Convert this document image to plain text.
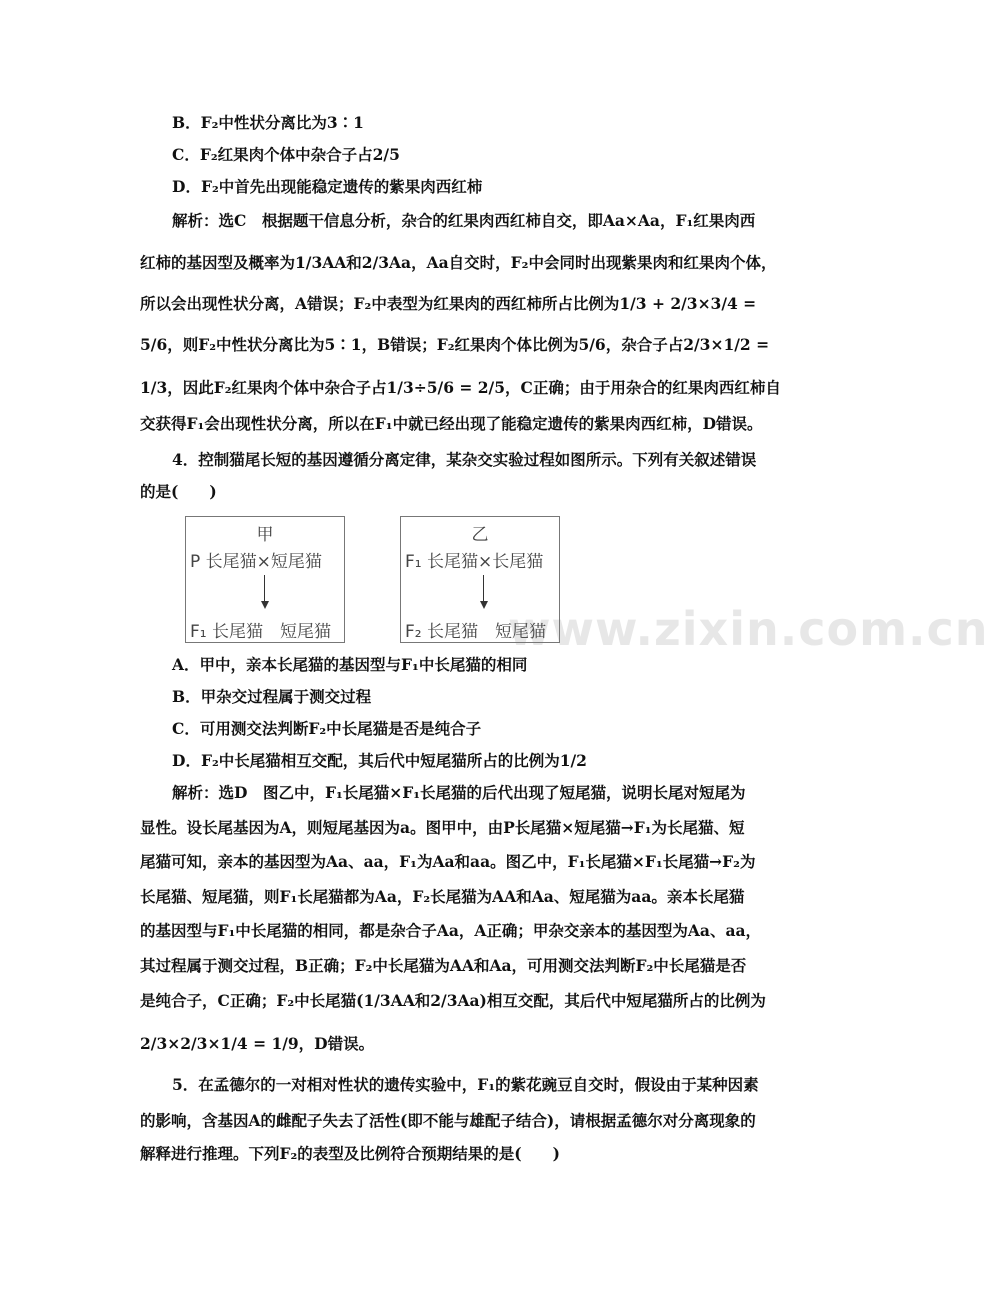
B．F₂中性状分离比为3∶1
C．F₂红果肉个体中杂合子占2/5
D．F₂中首先出现能稳定遗传的紫果肉西红柿
解析：选C　根据题干信息分析，杂合的红果肉西红柿自交，即Aa×Aa，F₁红果肉西
红柿的基因型及概率为1/3AA和2/3Aa，Aa自交时，F₂中会同时出现紫果肉和红果肉个体，
所以会出现性状分离，A错误；F₂中表型为红果肉的西红柿所占比例为1/3 + 2/3×3/4 =
5/6，则F₂中性状分离比为5∶1，B错误；F₂红果肉个体比例为5/6，杂合子占2/3×1/2 =
1/3，因此F₂红果肉个体中杂合子占1/3÷5/6 = 2/5，C正确；由于用杂合的红果肉西红柿自
交获得F₁会出现性状分离，所以在F₁中就已经出现了能稳定遗传的紫果肉西红柿，D错误。
4．控制猫尾长短的基因遵循分离定律，某杂交实验过程如图所示。下列有关叙述错误
的是(　　)
甲
P 长尾猫×短尾猫
F₁ 长尾猫　短尾猫
乙
F₁ 长尾猫×长尾猫
F₂ 长尾猫　短尾猫
www.zixin.com.cn
A．甲中，亲本长尾猫的基因型与F₁中长尾猫的相同
B．甲杂交过程属于测交过程
C．可用测交法判断F₂中长尾猫是否是纯合子
D．F₂中长尾猫相互交配，其后代中短尾猫所占的比例为1/2
解析：选D　图乙中，F₁长尾猫×F₁长尾猫的后代出现了短尾猫，说明长尾对短尾为
显性。设长尾基因为A，则短尾基因为a。图甲中，由P长尾猫×短尾猫→F₁为长尾猫、短
尾猫可知，亲本的基因型为Aa、aa，F₁为Aa和aa。图乙中，F₁长尾猫×F₁长尾猫→F₂为
长尾猫、短尾猫，则F₁长尾猫都为Aa，F₂长尾猫为AA和Aa、短尾猫为aa。亲本长尾猫
的基因型与F₁中长尾猫的相同，都是杂合子Aa，A正确；甲杂交亲本的基因型为Aa、aa，
其过程属于测交过程，B正确；F₂中长尾猫为AA和Aa，可用测交法判断F₂中长尾猫是否
是纯合子，C正确；F₂中长尾猫(1/3AA和2/3Aa)相互交配，其后代中短尾猫所占的比例为
2/3×2/3×1/4 = 1/9，D错误。
5．在孟德尔的一对相对性状的遗传实验中，F₁的紫花豌豆自交时，假设由于某种因素
的影响，含基因A的雌配子失去了活性(即不能与雄配子结合)，请根据孟德尔对分离现象的
解释进行推理。下列F₂的表型及比例符合预期结果的是(　　)
